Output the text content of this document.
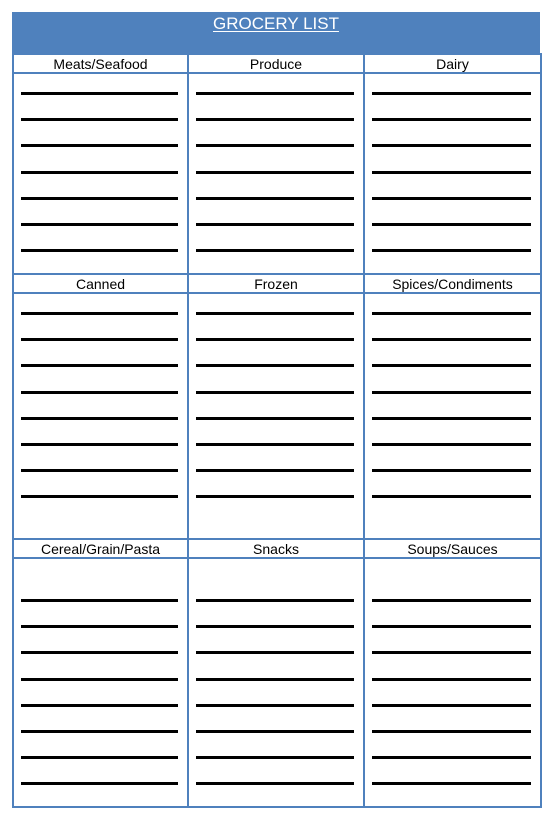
GROCERY LIST
Meats/Seafood	Produce	Dairy
Canned	Frozen	Spices/Condiments
Cereal/Grain/Pasta	Snacks	Soups/Sauces
